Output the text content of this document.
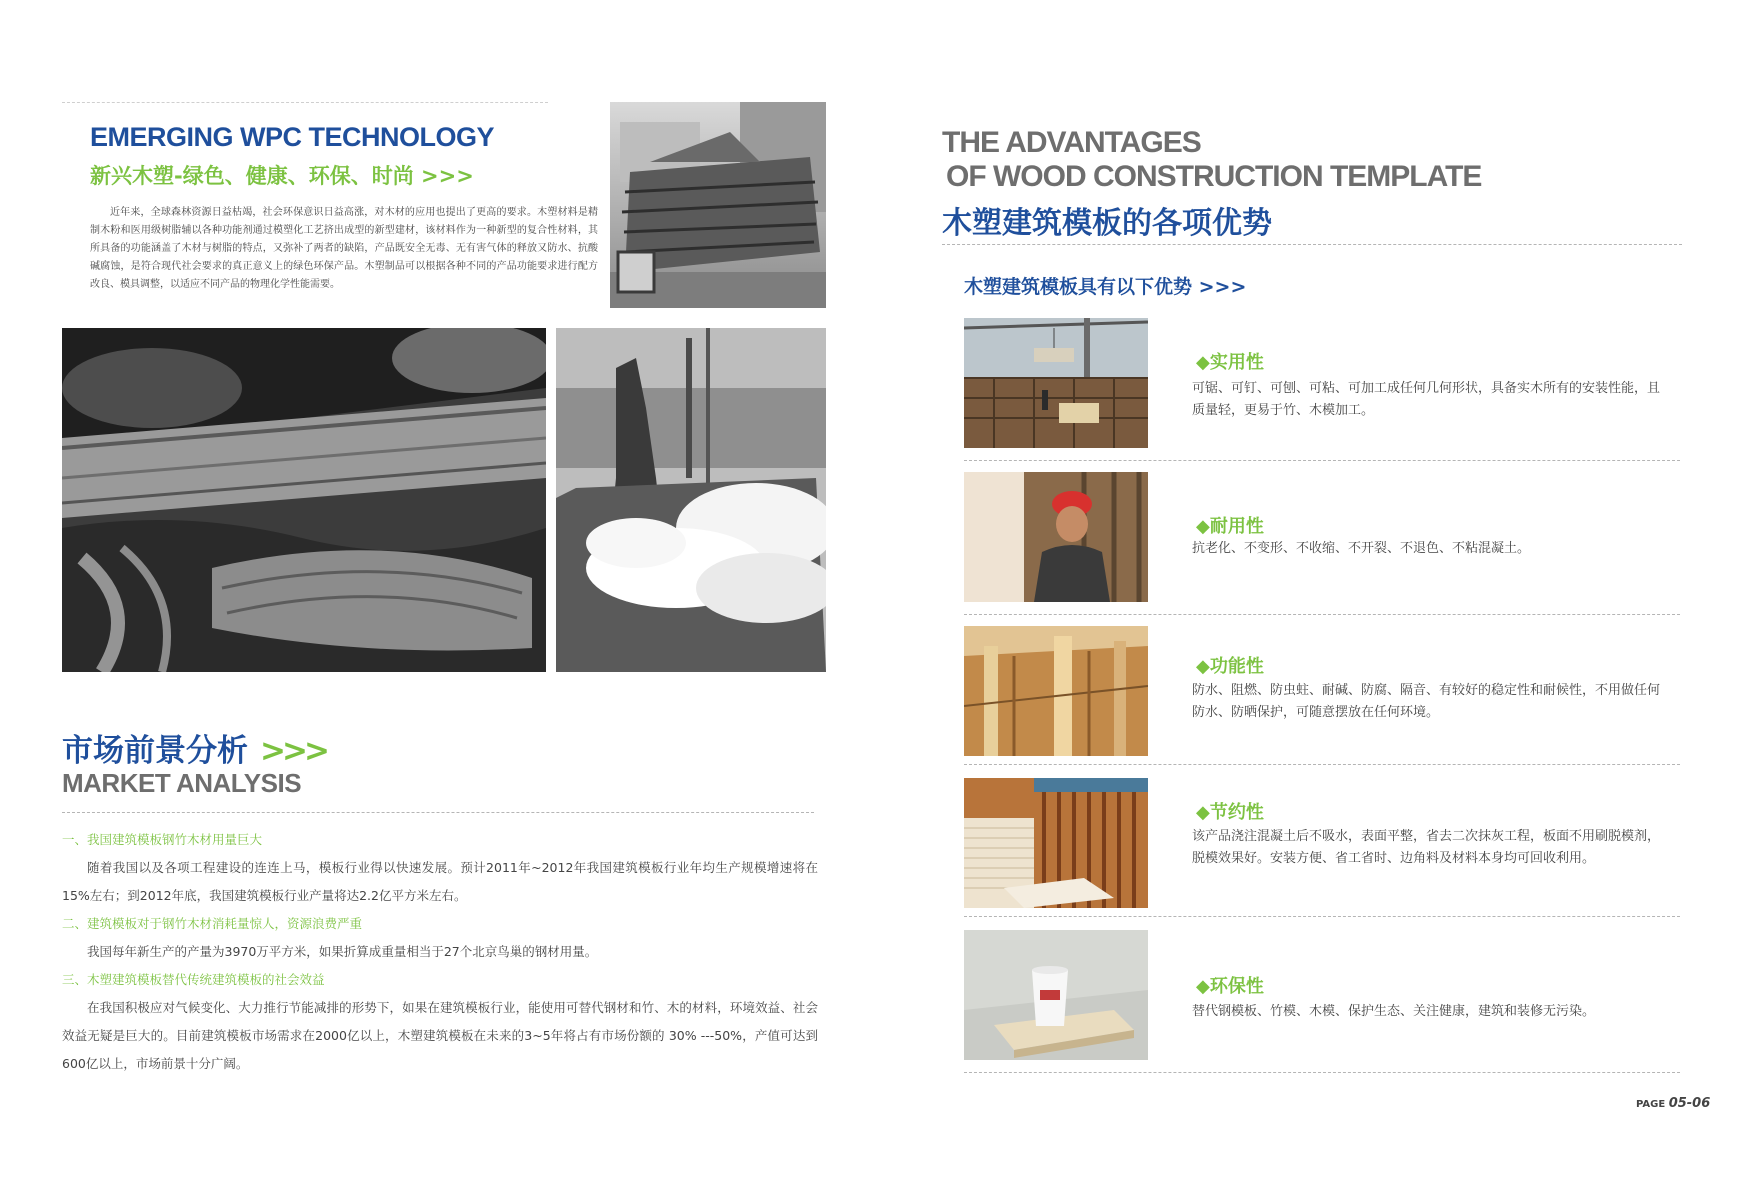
EMERGING WPC TECHNOLOGY
新兴木塑-绿色、健康、环保、时尚 >>>

近年来，全球森林资源日益枯竭，社会环保意识日益高涨，对木材的应用也提出了更高的要求。木塑材料是精制木粉和医用级树脂辅以各种功能剂通过模塑化工艺挤出成型的新型建材，该材料作为一种新型的复合性材料，其所具备的功能涵盖了木材与树脂的特点，又弥补了两者的缺陷，产品既安全无毒、无有害气体的释放又防水、抗酸碱腐蚀，是符合现代社会要求的真正意义上的绿色环保产品。木塑制品可以根据各种不同的产品功能要求进行配方改良、模具调整，以适应不同产品的物理化学性能需要。

市场前景分析 >>>
MARKET ANALYSIS
一、我国建筑模板钢竹木材用量巨大
随着我国以及各项工程建设的连连上马，模板行业得以快速发展。预计2011年~2012年我国建筑模板行业年均生产规模增速将在15%左右；到2012年底，我国建筑模板行业产量将达2.2亿平方米左右。
二、建筑模板对于钢竹木材消耗量惊人，资源浪费严重
我国每年新生产的产量为3970万平方米，如果折算成重量相当于27个北京鸟巢的钢材用量。
三、木塑建筑模板替代传统建筑模板的社会效益
在我国积极应对气候变化、大力推行节能减排的形势下，如果在建筑模板行业，能使用可替代钢材和竹、木的材料，环境效益、社会效益无疑是巨大的。目前建筑模板市场需求在2000亿以上，木塑建筑模板在未来的3~5年将占有市场份额的 30% ---50%，产值可达到600亿以上，市场前景十分广阔。
THE ADVANTAGES
OF WOOD CONSTRUCTION TEMPLATE
木塑建筑模板的各项优势
木塑建筑模板具有以下优势 >>>
◆实用性
可锯、可钉、可刨、可粘、可加工成任何几何形状，具备实木所有的安装性能，且质量轻，更易于竹、木模加工。
◆耐用性
抗老化、不变形、不收缩、不开裂、不退色、不粘混凝土。
◆功能性
防水、阻燃、防虫蛀、耐碱、防腐、隔音、有较好的稳定性和耐候性，不用做任何防水、防晒保护，可随意摆放在任何环境。
◆节约性
该产品浇注混凝土后不吸水，表面平整，省去二次抹灰工程，板面不用刷脱模剂，脱模效果好。安装方便、省工省时、边角料及材料本身均可回收利用。
◆环保性
替代钢模板、竹模、木模、保护生态、关注健康，建筑和装修无污染。
PAGE 05-06
